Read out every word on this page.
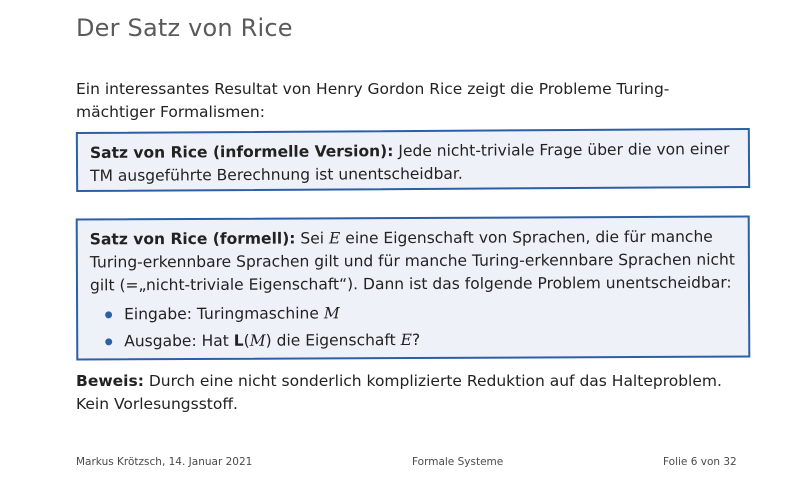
Der Satz von Rice

Ein interessantes Resultat von Henry Gordon Rice zeigt die Probleme Turing-mächtiger Formalismen:

Satz von Rice (informelle Version): Jede nicht-triviale Frage über die von einer TM ausgeführte Berechnung ist unentscheidbar.
Satz von Rice (formell): Sei E eine Eigenschaft von Sprachen, die für manche Turing-erkennbare Sprachen gilt und für manche Turing-erkennbare Sprachen nicht gilt (=„nicht-triviale Eigenschaft“). Dann ist das folgende Problem unentscheidbar:
Eingabe: Turingmaschine M
Ausgabe: Hat L(M) die Eigenschaft E?

Beweis: Durch eine nicht sonderlich komplizierte Reduktion auf das Halteproblem. Kein Vorlesungsstoff.

Markus Krötzsch, 14. Januar 2021	Formale Systeme	Folie 6 von 32
